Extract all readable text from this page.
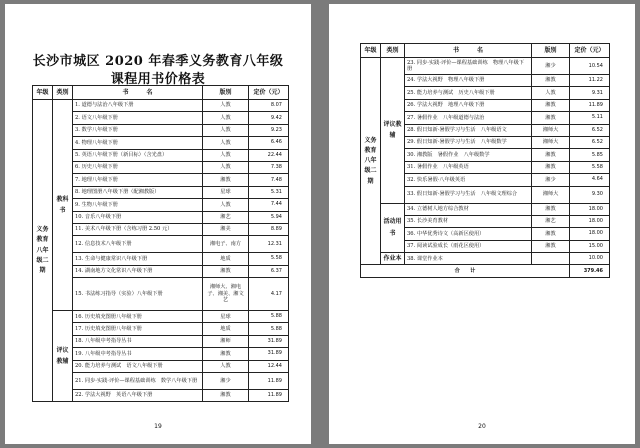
长沙市城区 2020 年春季义务教育八年级
课程用书价格表
年级	类别	书　　　名	版别	定价（元）
义务教育八年级二期	教科书	1. 道德与法治八年级下册	人教	8.07
		2. 语文八年级下册	人教	9.42
		3. 数学八年级下册	人教	9.23
		4. 物理八年级下册	人教	6.46
		5. 英语八年级下册（新目标）（含光盘）	人教	22.44
		6. 历史八年级下册	人教	7.38
		7. 地理八年级下册	湘教	7.48
		8. 地理图册八年级下册（配湘教版）	星球	5.31
		9. 生物八年级下册	人教	7.44
		10. 音乐八年级下册	湘艺	5.94
		11. 美术八年级下册（含练习册 2.50 元）	湘美	8.89
		12. 信息技术八年级下册	湘电子、南方	12.31
		13. 生命与健康常识八年级下册	地质	5.58
		14. 湖南地方文化常识八年级下册	湘教	6.37
		15. 书法练习指导（实验）八年级下册	湘师大、湘电子、湘美、湘文艺	4.17
	评议教辅	16. 历史填充图册八年级下册	星球	5.88
		17. 历史填充图册八年级下册	地质	5.88
		18. 八年级中考指导丛书	湘师	31.89
		19. 八年级中考指导丛书	湘教	31.89
		20. 能力培养与测试　语文八年级下册	人教	12.44
		21. 同步·实践·评价—课程基础训练　数学八年级下册	湘少	11.89
		22. 学法大视野　英语八年级下册	湘教	11.89
19
年级	类别	书　　　名	版别	定价（元）
义务教育八年级二期	评议教辅	23. 同步·实践·评价—课程基础训练　物理八年级下册	湘少	10.54
		24. 学法大视野　物理八年级下册	湘教	11.22
		25. 能力培养与测试　历史八年级下册	人教	9.31
		26. 学法大视野　地理八年级下册	湘教	11.89
		27. 暑假作业　八年级道德与法治	湘教	5.11
		28. 假日知新·暑假学习与生活　八年级语文	湘师大	6.52
		29. 假日知新·暑假学习与生活　八年级数学	湘师大	6.52
		30. 湘教版　暑假作业　八年级数学	湘教	5.85
		31. 暑假作业　八年级英语	湘教	5.58
		32. 快乐暑假·八年级英语	湘少	4.64
		33. 假日知新·暑假学习与生活　八年级文理综合	湘师大	9.30
	活动用书	34. 立德树人地方综合教材	湘教	18.00
		35. 长沙美育教材	湘艺	18.00
		36. 中华优秀诗文（高新区使用）	湘教	18.00
		37. 阅读试验成长（雨花区使用）	湘教	15.00
	作业本	38. 课堂作业本		10.00
合　　计				379.46
20
